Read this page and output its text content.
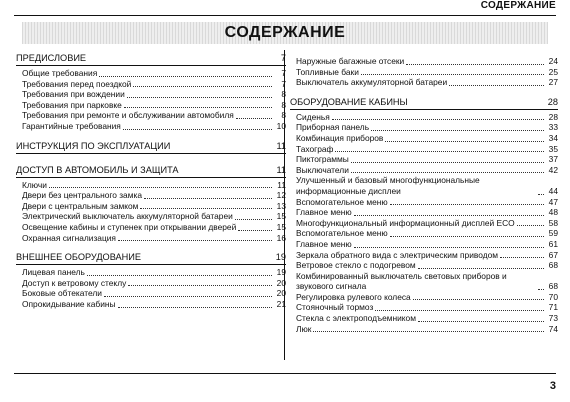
СОДЕРЖАНИЕ
СОДЕРЖАНИЕ
ПРЕДИСЛОВИЕ	7
Общие требования	7
Требования перед поездкой	7
Требования при вождении	8
Требования при парковке	8
Требования при ремонте и обслуживании автомобиля	8
Гарантийные требования	10
ИНСТРУКЦИЯ ПО ЭКСПЛУАТАЦИИ	11
ДОСТУП В АВТОМОБИЛЬ И ЗАЩИТА	11
Ключи	11
Двери без центрального замка	12
Двери с центральным замком	13
Электрический выключатель аккумуляторной батареи	15
Освещение кабины и ступенек при открывании дверей	15
Охранная сигнализация	16
ВНЕШНЕЕ ОБОРУДОВАНИЕ	19
Лицевая панель	19
Доступ к ветровому стеклу	20
Боковые обтекатели	20
Опрокидывание кабины	21
Наружные багажные отсеки	24
Топливные баки	25
Выключатель аккумуляторной батареи	27
ОБОРУДОВАНИЕ КАБИНЫ	28
Сиденья	28
Приборная панель	33
Комбинация приборов	34
Тахограф	35
Пиктограммы	37
Выключатели	42
Улучшенный и базовый многофункциональные информационные дисплеи	44
Вспомогательное меню	47
Главное меню	48
Многофункциональный информационный дисплей ECO	58
Вспомогательное меню	59
Главное меню	61
Зеркала обратного вида с электрическим приводом	67
Ветровое стекло с подогревом	68
Комбинированный выключатель световых приборов и звукового сигнала	68
Регулировка рулевого колеса	70
Стояночный тормоз	71
Стекла с электроподъемником	73
Люк	74
3
